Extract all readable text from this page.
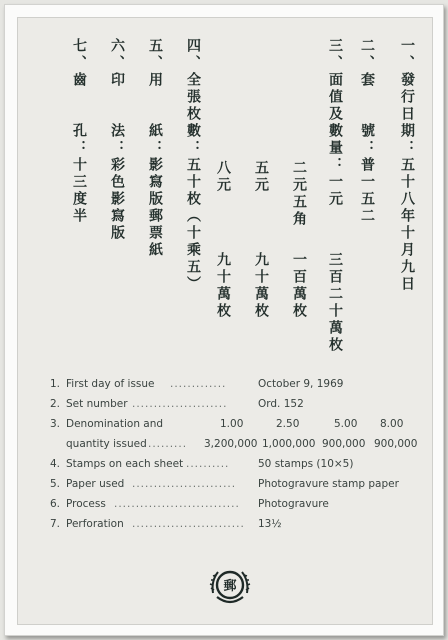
一、發行日期：五十八年十月九日
二、套　　號：普一五二
三、面值及數量：一元
三百二十萬枚
二元五角
一百萬枚
五元
九十萬枚
八元
九十萬枚
四、全張枚數：五十枚（十乘五）
五、用　　紙：影寫版郵票紙
六、印　　法：彩色影寫版
七、齒　　孔：十三度半
1. First day of issue .............	October 9, 1969
2. Set number ......................	Ord. 152
3. Denomination and	1.00	2.50	5.00 8.00
quantity issued ......... 3,200,000 1,000,000 900,000 900,000
4. Stamps on each sheet ..........	50 stamps (10×5)
5. Paper used ........................ Photogravure stamp paper
6. Process ............................. Photogravure
7. Perforation .......................... 13½
郵
